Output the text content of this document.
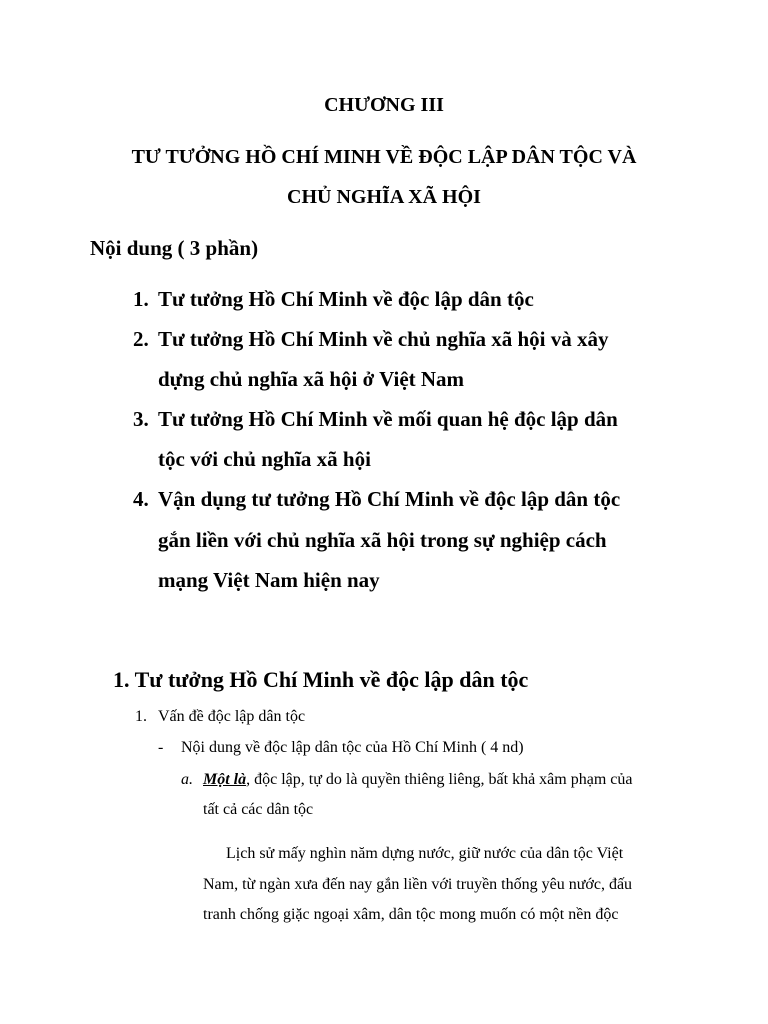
CHƯƠNG III
TƯ TƯỞNG HỒ CHÍ MINH VỀ ĐỘC LẬP DÂN TỘC VÀ
CHỦ NGHĨA XÃ HỘI
Nội dung ( 3 phần)
1. Tư tưởng Hồ Chí Minh về độc lập dân tộc
2. Tư tưởng Hồ Chí Minh về chủ nghĩa xã hội và xây
dựng chủ nghĩa xã hội ở Việt Nam
3. Tư tưởng Hồ Chí Minh về mối quan hệ độc lập dân
tộc với chủ nghĩa xã hội
4. Vận dụng tư tưởng Hồ Chí Minh về độc lập dân tộc
gắn liền với chủ nghĩa xã hội trong sự nghiệp cách
mạng Việt Nam hiện nay
1. Tư tưởng Hồ Chí Minh về độc lập dân tộc
1. Vấn đề độc lập dân tộc
- Nội dung về độc lập dân tộc của Hồ Chí Minh ( 4 nd)
a. Một là, độc lập, tự do là quyền thiêng liêng, bất khả xâm phạm của
tất cả các dân tộc
Lịch sử mấy nghìn năm dựng nước, giữ nước của dân tộc Việt
Nam, từ ngàn xưa đến nay gắn liền với truyền thống yêu nước, đấu
tranh chống giặc ngoại xâm, dân tộc mong muốn có một nền độc
